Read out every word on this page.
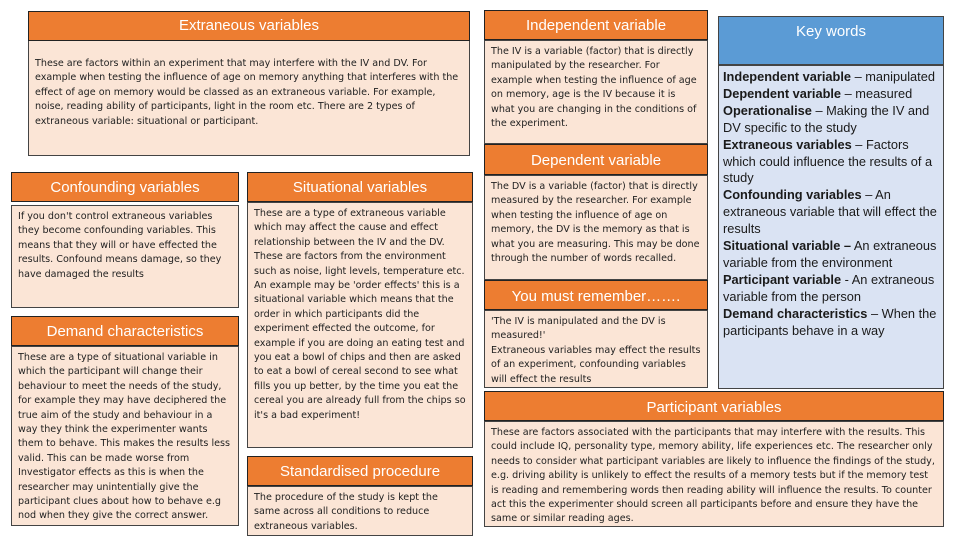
These are factors within an experiment that may interfere with the IV and DV. For example when testing the influence of age on memory anything that interferes with the effect of age on memory would be classed as an extraneous variable. For example, noise, reading ability of participants, light in the room etc. There are 2 types of extraneous variable: situational or participant.

Extraneous variables
Confounding variables

If you don't control extraneous variables they become confounding variables. This means that they will or have effected the results. Confound means damage, so they have damaged the results

Demand characteristics

These are a type of situational variable in which the participant will change their behaviour to meet the needs of the study, for example they may have deciphered the true aim of the study and behaviour in a way they think the experimenter wants them to behave. This makes the results less valid. This can be made worse from Investigator effects as this is when the researcher may unintentially give the participant clues about how to behave e.g nod when they give the correct answer.

Situational variables

These are a type of extraneous variable which may affect the cause and effect relationship between the IV and the DV. These are factors from the environment such as noise, light levels, temperature etc. An example may be 'order effects' this is a situational variable which means that the order in which participants did the experiment effected the outcome, for example if you are doing an eating test and you eat a bowl of chips and then are asked to eat a bowl of cereal second to see what fills you up better, by the time you eat the cereal you are already full from the chips so it's a bad experiment!

Standardised procedure

The procedure of the study is kept the same across all conditions to reduce extraneous variables.

Independent variable

The IV is a variable (factor) that is directly manipulated by the researcher. For example when testing the influence of age on memory, age is the IV because it is what you are changing in the conditions of the experiment.

Dependent variable

The DV is a variable (factor) that is directly measured by the researcher. For example when testing the influence of age on memory, the DV is the memory as that is what you are measuring. This may be done through the number of words recalled.

You must remember…….

'The IV is manipulated and the DV is measured!'

Extraneous variables may effect the results of an experiment, confounding variables will effect the results

Key words
Independent variable – manipulated
Dependent variable – measured
Operationalise – Making the IV and DV specific to the study
Extraneous variables – Factors which could influence the results of a study
Confounding variables – An extraneous variable that will effect the results
Situational variable – An extraneous variable from the environment
Participant variable - An extraneous variable from the person
Demand characteristics – When the participants behave in a way
Participant variables

These are factors associated with the participants that may interfere with the results. This could include IQ, personality type, memory ability, life experiences etc. The researcher only needs to consider what participant variables are likely to influence the findings of the study, e.g. driving ability is unlikely to effect the results of a memory tests but if the memory test is reading and remembering words then reading ability will influence the results. To counter act this the experimenter should screen all participants before and ensure they have the same or similar reading ages.
